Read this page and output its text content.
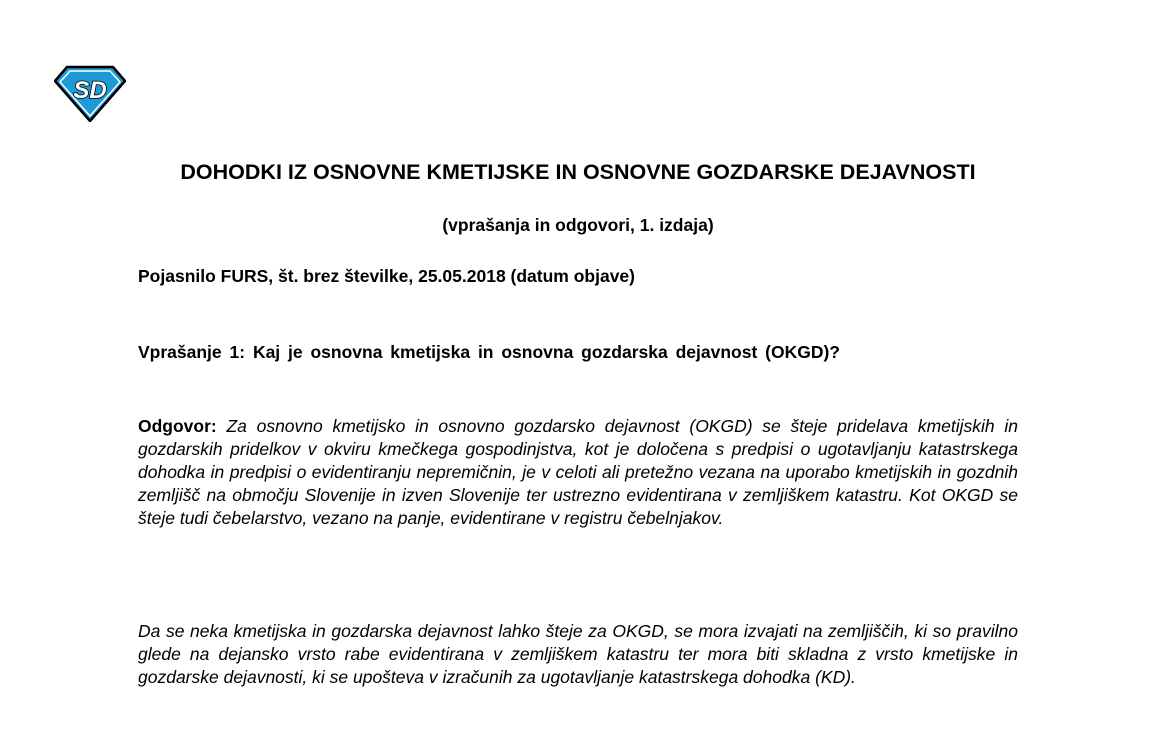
SD
DOHODKI IZ OSNOVNE KMETIJSKE IN OSNOVNE GOZDARSKE DEJAVNOSTI

(vprašanja in odgovori, 1. izdaja)

Pojasnilo FURS, št. brez številke, 25.05.2018 (datum objave)

Vprašanje 1: Kaj je osnovna kmetijska in osnovna gozdarska dejavnost (OKGD)?

Odgovor: Za osnovno kmetijsko in osnovno gozdarsko dejavnost (OKGD) se šteje pridelava kmetijskih in gozdarskih pridelkov v okviru kmečkega gospodinjstva, kot je določena s predpisi o ugotavljanju katastrskega dohodka in predpisi o evidentiranju nepremičnin, je v celoti ali pretežno vezana na uporabo kmetijskih in gozdnih zemljišč na območju Slovenije in izven Slovenije ter ustrezno evidentirana v zemljiškem katastru. Kot OKGD se šteje tudi čebelarstvo, vezano na panje, evidentirane v registru čebelnjakov.

Da se neka kmetijska in gozdarska dejavnost lahko šteje za OKGD, se mora izvajati na zemljiščih, ki so pravilno glede na dejansko vrsto rabe evidentirana v zemljiškem katastru ter mora biti skladna z vrsto kmetijske in gozdarske dejavnosti, ki se upošteva v izračunih za ugotavljanje katastrskega dohodka (KD).
